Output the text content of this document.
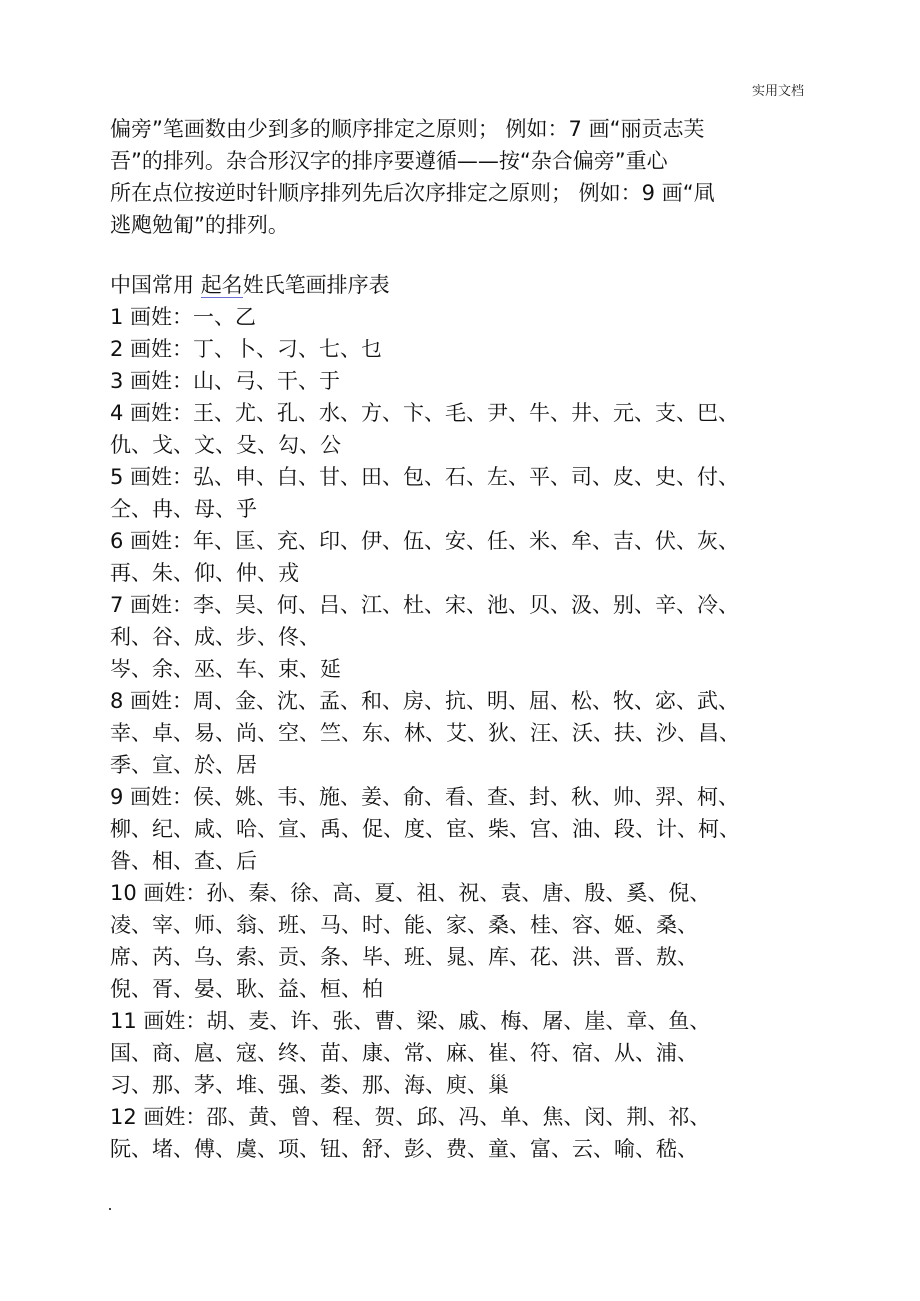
实用文档

偏旁”笔画数由少到多的顺序排定之原则； 例如：7 画“丽贡志芙

吾”的排列。杂合形汉字的排序要遵循——按“杂合偏旁”重心

所在点位按逆时针顺序排列先后次序排定之原则； 例如：9 画“凬

逃飑勉匍”的排列。

中国常用 起名姓氏笔画排序表

1 画姓：一、乙

2 画姓：丁、卜、刁、七、乜

3 画姓：山、弓、干、于

4 画姓：王、尤、孔、水、方、卞、毛、尹、牛、井、元、支、巴、

仇、戈、文、殳、勾、公

5 画姓：弘、申、白、甘、田、包、石、左、平、司、皮、史、付、

仝、冉、母、乎

6 画姓：年、匡、充、印、伊、伍、安、任、米、牟、吉、伏、灰、

再、朱、仰、仲、戎

7 画姓：李、吴、何、吕、江、杜、宋、池、贝、汲、别、辛、冷、

利、谷、成、步、佟、

岑、余、巫、车、束、延

8 画姓：周、金、沈、孟、和、房、抗、明、屈、松、牧、宓、武、

幸、卓、易、尚、空、竺、东、林、艾、狄、汪、沃、扶、沙、昌、

季、宣、於、居

9 画姓：侯、姚、韦、施、姜、俞、看、查、封、秋、帅、羿、柯、

柳、纪、咸、哈、宣、禹、促、度、宦、柴、宫、油、段、计、柯、

昝、相、查、后

10 画姓：孙、秦、徐、高、夏、祖、祝、袁、唐、殷、奚、倪、

凌、宰、师、翁、班、马、时、能、家、桑、桂、容、姬、桑、

席、芮、乌、索、贡、条、毕、班、晁、库、花、洪、晋、敖、

倪、胥、晏、耿、益、桓、柏

11 画姓：胡、麦、许、张、曹、梁、戚、梅、屠、崖、章、鱼、

国、商、扈、寇、终、苗、康、常、麻、崔、符、宿、从、浦、

习、那、茅、堆、强、娄、那、海、庾、巢

12 画姓：邵、黄、曾、程、贺、邱、冯、单、焦、闵、荆、祁、

阮、堵、傅、虞、项、钮、舒、彭、费、童、富、云、喻、嵇、
